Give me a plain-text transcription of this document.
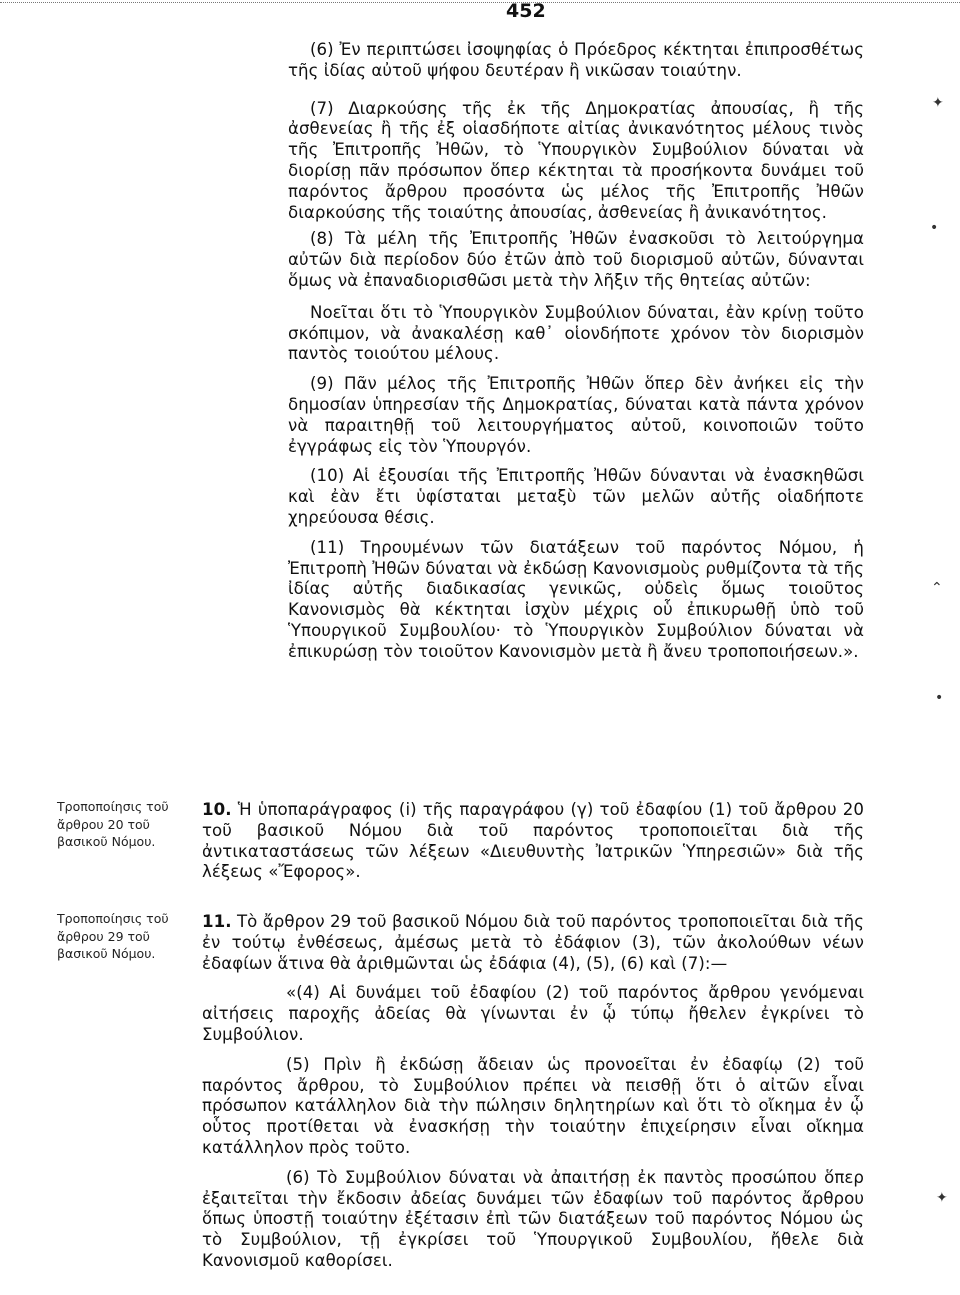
452

(6) Ἐν περιπτώσει ἰσοψηφίας ὁ Πρόεδρος κέκτηται ἐπιπροσθέτως τῆς ἰδίας αὐτοῦ ψήφου δευτέραν ἢ νικῶσαν τοιαύτην.

(7) Διαρκούσης τῆς ἐκ τῆς Δημοκρατίας ἀπουσίας, ἢ τῆς ἀσθενείας ἢ τῆς ἐξ οἱασδήποτε αἰτίας ἀνικανότητος μέλους τινὸς τῆς Ἐπιτροπῆς Ἠθῶν, τὸ Ὑπουργικὸν Συμβούλιον δύναται νὰ διορίσῃ πᾶν πρόσωπον ὅπερ κέκτηται τὰ προσήκοντα δυνάμει τοῦ παρόντος ἄρθρου προσόντα ὡς μέλος τῆς Ἐπιτροπῆς Ἠθῶν διαρκούσης τῆς τοιαύτης ἀπουσίας, ἀσθενείας ἢ ἀνικανότητος.

(8) Τὰ μέλη τῆς Ἐπιτροπῆς Ἠθῶν ἐνασκοῦσι τὸ λειτούργημα αὐτῶν διὰ περίοδον δύο ἐτῶν ἀπὸ τοῦ διορισμοῦ αὐτῶν, δύνανται ὅμως νὰ ἐπαναδιορισθῶσι μετὰ τὴν λῆξιν τῆς θητείας αὐτῶν:

Νοεῖται ὅτι τὸ Ὑπουργικὸν Συμβούλιον δύναται, ἐὰν κρίνῃ τοῦτο σκόπιμον, νὰ ἀνακαλέσῃ καθ᾽ οἱονδήποτε χρόνον τὸν διορισμὸν παντὸς τοιούτου μέλους.

(9) Πᾶν μέλος τῆς Ἐπιτροπῆς Ἠθῶν ὅπερ δὲν ἀνήκει εἰς τὴν δημοσίαν ὑπηρεσίαν τῆς Δημοκρατίας, δύναται κατὰ πάντα χρόνον νὰ παραιτηθῇ τοῦ λειτουργήματος αὐτοῦ, κοινοποιῶν τοῦτο ἐγγράφως εἰς τὸν Ὑπουργόν.

(10) Αἱ ἐξουσίαι τῆς Ἐπιτροπῆς Ἠθῶν δύνανται νὰ ἐνασκηθῶσι καὶ ἐὰν ἔτι ὑφίσταται μεταξὺ τῶν μελῶν αὐτῆς οἱαδήποτε χηρεύουσα θέσις.

(11) Τηρουμένων τῶν διατάξεων τοῦ παρόντος Νόμου, ἡ Ἐπιτροπὴ Ἠθῶν δύναται νὰ ἐκδώσῃ Κανονισμοὺς ρυθμίζοντα τὰ τῆς ἰδίας αὐτῆς διαδικασίας γενικῶς, οὐδεὶς ὅμως τοιοῦτος Κανονισμὸς θὰ κέκτηται ἰσχὺν μέχρις οὗ ἐπικυρωθῇ ὑπὸ τοῦ Ὑπουργικοῦ Συμβουλίου· τὸ Ὑπουργικὸν Συμβούλιον δύναται νὰ ἐπικυρώσῃ τὸν τοιοῦτον Κανονισμὸν μετὰ ἢ ἄνευ τροποποιήσεων.».

Τροποποίησις τοῦ ἄρθρου 20 τοῦ βασικοῦ Νόμου.

10. Ἡ ὑποπαράγραφος (i) τῆς παραγράφου (γ) τοῦ ἐδαφίου (1) τοῦ ἄρθρου 20 τοῦ βασικοῦ Νόμου διὰ τοῦ παρόντος τροποποιεῖται διὰ τῆς ἀντικαταστάσεως τῶν λέξεων «Διευθυντὴς Ἰατρικῶν Ὑπηρεσιῶν» διὰ τῆς λέξεως «Ἔφορος».

Τροποποίησις τοῦ ἄρθρου 29 τοῦ βασικοῦ Νόμου.

11. Τὸ ἄρθρον 29 τοῦ βασικοῦ Νόμου διὰ τοῦ παρόντος τροποποιεῖται διὰ τῆς ἐν τούτῳ ἐνθέσεως, ἀμέσως μετὰ τὸ ἐδάφιον (3), τῶν ἀκολούθων νέων ἐδαφίων ἅτινα θὰ ἀριθμῶνται ὡς ἐδάφια (4), (5), (6) καὶ (7):—

«(4) Αἱ δυνάμει τοῦ ἐδαφίου (2) τοῦ παρόντος ἄρθρου γενόμεναι αἰτήσεις παροχῆς ἀδείας θὰ γίνωνται ἐν ᾧ τύπῳ ἤθελεν ἐγκρίνει τὸ Συμβούλιον.

(5) Πρὶν ἢ ἐκδώσῃ ἄδειαν ὡς προνοεῖται ἐν ἐδαφίῳ (2) τοῦ παρόντος ἄρθρου, τὸ Συμβούλιον πρέπει νὰ πεισθῇ ὅτι ὁ αἰτῶν εἶναι πρόσωπον κατάλληλον διὰ τὴν πώλησιν δηλητηρίων καὶ ὅτι τὸ οἴκημα ἐν ᾧ οὗτος προτίθεται νὰ ἐνασκήσῃ τὴν τοιαύτην ἐπιχείρησιν εἶναι οἴκημα κατάλληλον πρὸς τοῦτο.

(6) Τὸ Συμβούλιον δύναται νὰ ἀπαιτήσῃ ἐκ παντὸς προσώπου ὅπερ ἐξαιτεῖται τὴν ἔκδοσιν ἀδείας δυνάμει τῶν ἐδαφίων τοῦ παρόντος ἄρθρου ὅπως ὑποστῇ τοιαύτην ἐξέτασιν ἐπὶ τῶν διατάξεων τοῦ παρόντος Νόμου ὡς τὸ Συμβούλιον, τῇ ἐγκρίσει τοῦ Ὑπουργικοῦ Συμβουλίου, ἤθελε διὰ Κανονισμοῦ καθορίσει.

✦
•
⌃
•
✦
